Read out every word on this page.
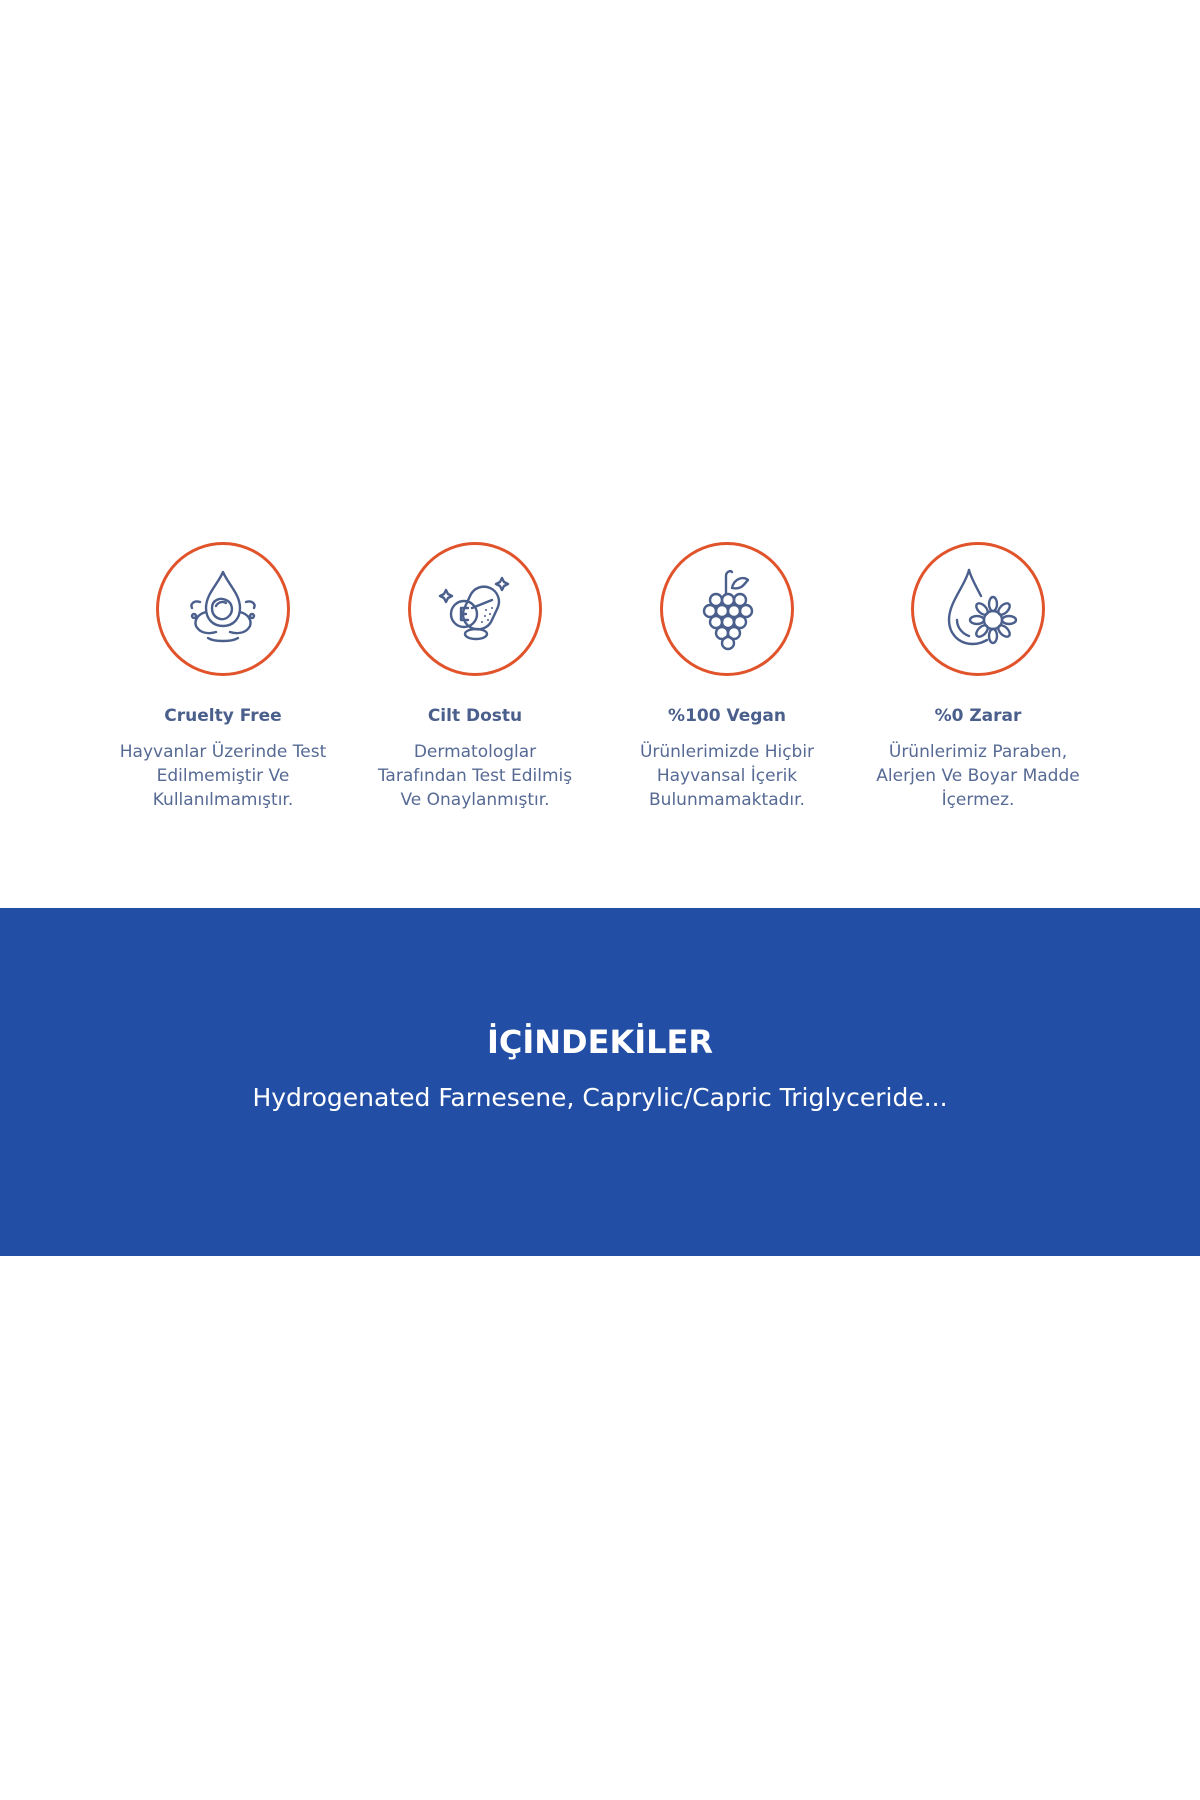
Cruelty Free
Hayvanlar Üzerinde Test
Edilmemiştir Ve
Kullanılmamıştır.
Cilt Dostu
Dermatologlar
Tarafından Test Edilmiş
Ve Onaylanmıştır.
%100 Vegan
Ürünlerimizde Hiçbir
Hayvansal İçerik
Bulunmamaktadır.
%0 Zarar
Ürünlerimiz Paraben,
Alerjen Ve Boyar Madde
İçermez.
İÇİNDEKİLER
Hydrogenated Farnesene, Caprylic/Capric Triglyceride...
